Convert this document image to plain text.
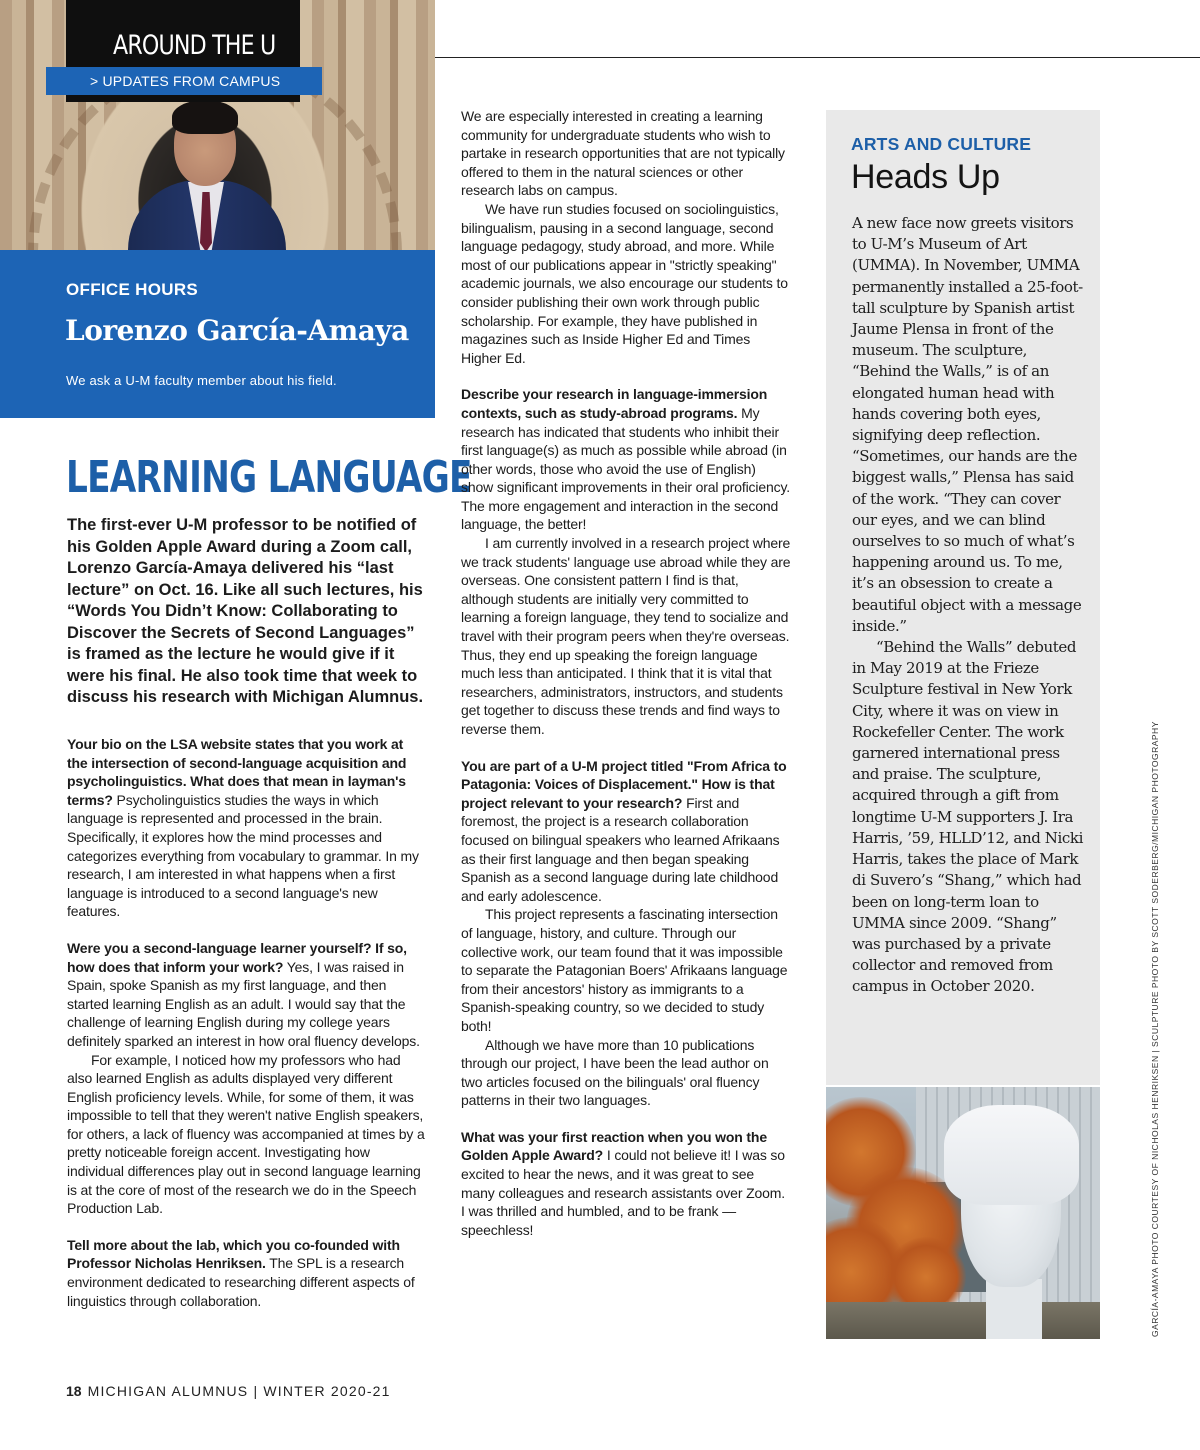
AROUND THE U
> UPDATES FROM CAMPUS
OFFICE HOURS
Lorenzo García-Amaya
We ask a U-M faculty member about his field.
LEARNING LANGUAGE
The first-ever U-M professor to be notified of his Golden Apple Award during a Zoom call, Lorenzo García-Amaya delivered his “last lecture” on Oct. 16. Like all such lectures, his “Words You Didn’t Know: Collaborating to Discover the Secrets of Second Languages” is framed as the lecture he would give if it were his final. He also took time that week to discuss his research with Michigan Alumnus.

Your bio on the LSA website states that you work at the intersection of second-language acquisition and psycholinguistics. What does that mean in layman's terms? Psycholinguistics studies the ways in which language is represented and processed in the brain. Specifically, it explores how the mind processes and categorizes everything from vocabulary to grammar. In my research, I am interested in what happens when a first language is introduced to a second language's new features.

Were you a second-language learner yourself? If so, how does that inform your work? Yes, I was raised in Spain, spoke Spanish as my first language, and then started learning English as an adult. I would say that the challenge of learning English during my college years definitely sparked an interest in how oral fluency develops.

For example, I noticed how my professors who had also learned English as adults displayed very different English proficiency levels. While, for some of them, it was impossible to tell that they weren't native English speakers, for others, a lack of fluency was accompanied at times by a pretty noticeable foreign accent. Investigating how individual differences play out in second language learning is at the core of most of the research we do in the Speech Production Lab.

Tell more about the lab, which you co-founded with Professor Nicholas Henriksen. The SPL is a research environment dedicated to researching different aspects of linguistics through collaboration.

We are especially interested in creating a learning community for undergraduate students who wish to partake in research opportunities that are not typically offered to them in the natural sciences or other research labs on campus.

We have run studies focused on sociolinguistics, bilingualism, pausing in a second language, second language pedagogy, study abroad, and more. While most of our publications appear in "strictly speaking" academic journals, we also encourage our students to consider publishing their own work through public scholarship. For example, they have published in magazines such as Inside Higher Ed and Times Higher Ed.

Describe your research in language-immersion contexts, such as study-abroad programs. My research has indicated that students who inhibit their first language(s) as much as possible while abroad (in other words, those who avoid the use of English) show significant improvements in their oral proficiency. The more engagement and interaction in the second language, the better!

I am currently involved in a research project where we track students' language use abroad while they are overseas. One consistent pattern I find is that, although students are initially very committed to learning a foreign language, they tend to socialize and travel with their program peers when they're overseas. Thus, they end up speaking the foreign language much less than anticipated. I think that it is vital that researchers, administrators, instructors, and students get together to discuss these trends and find ways to reverse them.

You are part of a U-M project titled "From Africa to Patagonia: Voices of Displacement." How is that project relevant to your research? First and foremost, the project is a research collaboration focused on bilingual speakers who learned Afrikaans as their first language and then began speaking Spanish as a second language during late childhood and early adolescence.

This project represents a fascinating intersection of language, history, and culture. Through our collective work, our team found that it was impossible to separate the Patagonian Boers' Afrikaans language from their ancestors' history as immigrants to a Spanish-speaking country, so we decided to study both!

Although we have more than 10 publications through our project, I have been the lead author on two articles focused on the bilinguals' oral fluency patterns in their two languages.

What was your first reaction when you won the Golden Apple Award? I could not believe it! I was so excited to hear the news, and it was great to see many colleagues and research assistants over Zoom. I was thrilled and humbled, and to be frank — speechless!

ARTS AND CULTURE
Heads Up

A new face now greets visitors to U-M’s Museum of Art (UMMA). In November, UMMA permanently installed a 25-foot-tall sculpture by Spanish artist Jaume Plensa in front of the museum. The sculpture, “Behind the Walls,” is of an elongated human head with hands covering both eyes, signifying deep reflection. “Sometimes, our hands are the biggest walls,” Plensa has said of the work. “They can cover our eyes, and we can blind ourselves to so much of what’s happening around us. To me, it’s an obsession to create a beautiful object with a message inside.”

“Behind the Walls” debuted in May 2019 at the Frieze Sculpture festival in New York City, where it was on view in Rockefeller Center. The work garnered international press and praise. The sculpture, acquired through a gift from longtime U-M supporters J. Ira Harris, ’59, HLLD’12, and Nicki Harris, takes the place of Mark di Suvero’s “Shang,” which had been on long-term loan to UMMA since 2009. “Shang” was purchased by a private collector and removed from campus in October 2020.	GARCÍA-AMAYA PHOTO COURTESY OF NICHOLAS HENRIKSEN | SCULPTURE PHOTO BY SCOTT SODERBERG/MICHIGAN PHOTOGRAPHY
18 MICHIGAN ALUMNUS | WINTER 2020-21
